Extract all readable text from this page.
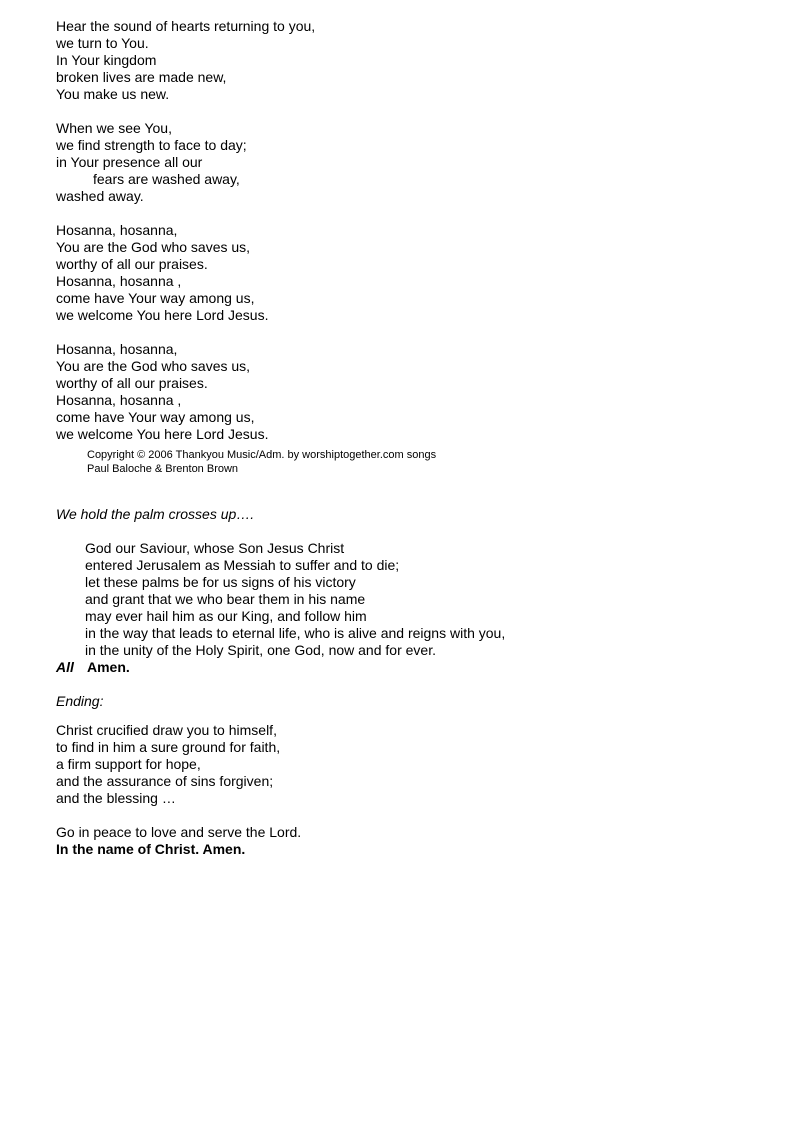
Hear the sound of hearts returning to you,
we turn to You.
In Your kingdom
broken lives are made new,
You make us new.
When we see You,
we find strength to face to day;
in Your presence all our
fears are washed away,
washed away.
Hosanna, hosanna,
You are the God who saves us,
worthy of all our praises.
Hosanna, hosanna ,
come have Your way among us,
we welcome You here Lord Jesus.
Hosanna, hosanna,
You are the God who saves us,
worthy of all our praises.
Hosanna, hosanna ,
come have Your way among us,
we welcome You here Lord Jesus.
Copyright © 2006 Thankyou Music/Adm. by worshiptogether.com songs
Paul Baloche & Brenton Brown
We hold the palm crosses up….
God our Saviour, whose Son Jesus Christ
entered Jerusalem as Messiah to suffer and to die;
let these palms be for us signs of his victory
and grant that we who bear them in his name
may ever hail him as our King, and follow him
in the way that leads to eternal life, who is alive and reigns with you,
in the unity of the Holy Spirit, one God, now and for ever.
All Amen.
Ending:
Christ crucified draw you to himself,
to find in him a sure ground for faith,
a firm support for hope,
and the assurance of sins forgiven;
and the blessing …
Go in peace to love and serve the Lord.
In the name of Christ. Amen.
